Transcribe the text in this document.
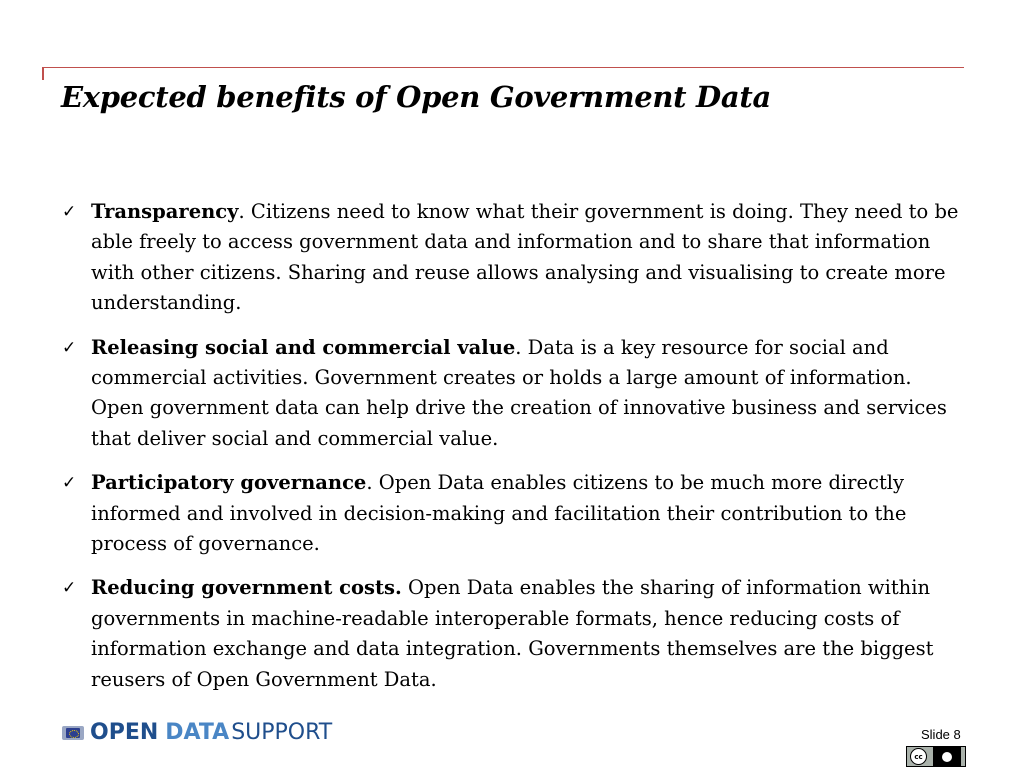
Expected benefits of Open Government Data
✓ Transparency. Citizens need to know what their government is doing. They need to be able freely to access government data and information and to share that information with other citizens. Sharing and reuse allows analysing and visualising to create more understanding.
✓ Releasing social and commercial value. Data is a key resource for social and commercial activities. Government creates or holds a large amount of information. Open government data can help drive the creation of innovative business and services that deliver social and commercial value.
✓ Participatory governance. Open Data enables citizens to be much more directly informed and involved in decision-making and facilitation their contribution to the process of governance.
✓ Reducing government costs. Open Data enables the sharing of information within governments in machine-readable interoperable formats, hence reducing costs of information exchange and data integration. Governments themselves are the biggest reusers of Open Government Data.
OPEN DATA SUPPORT	Slide 8
cc
